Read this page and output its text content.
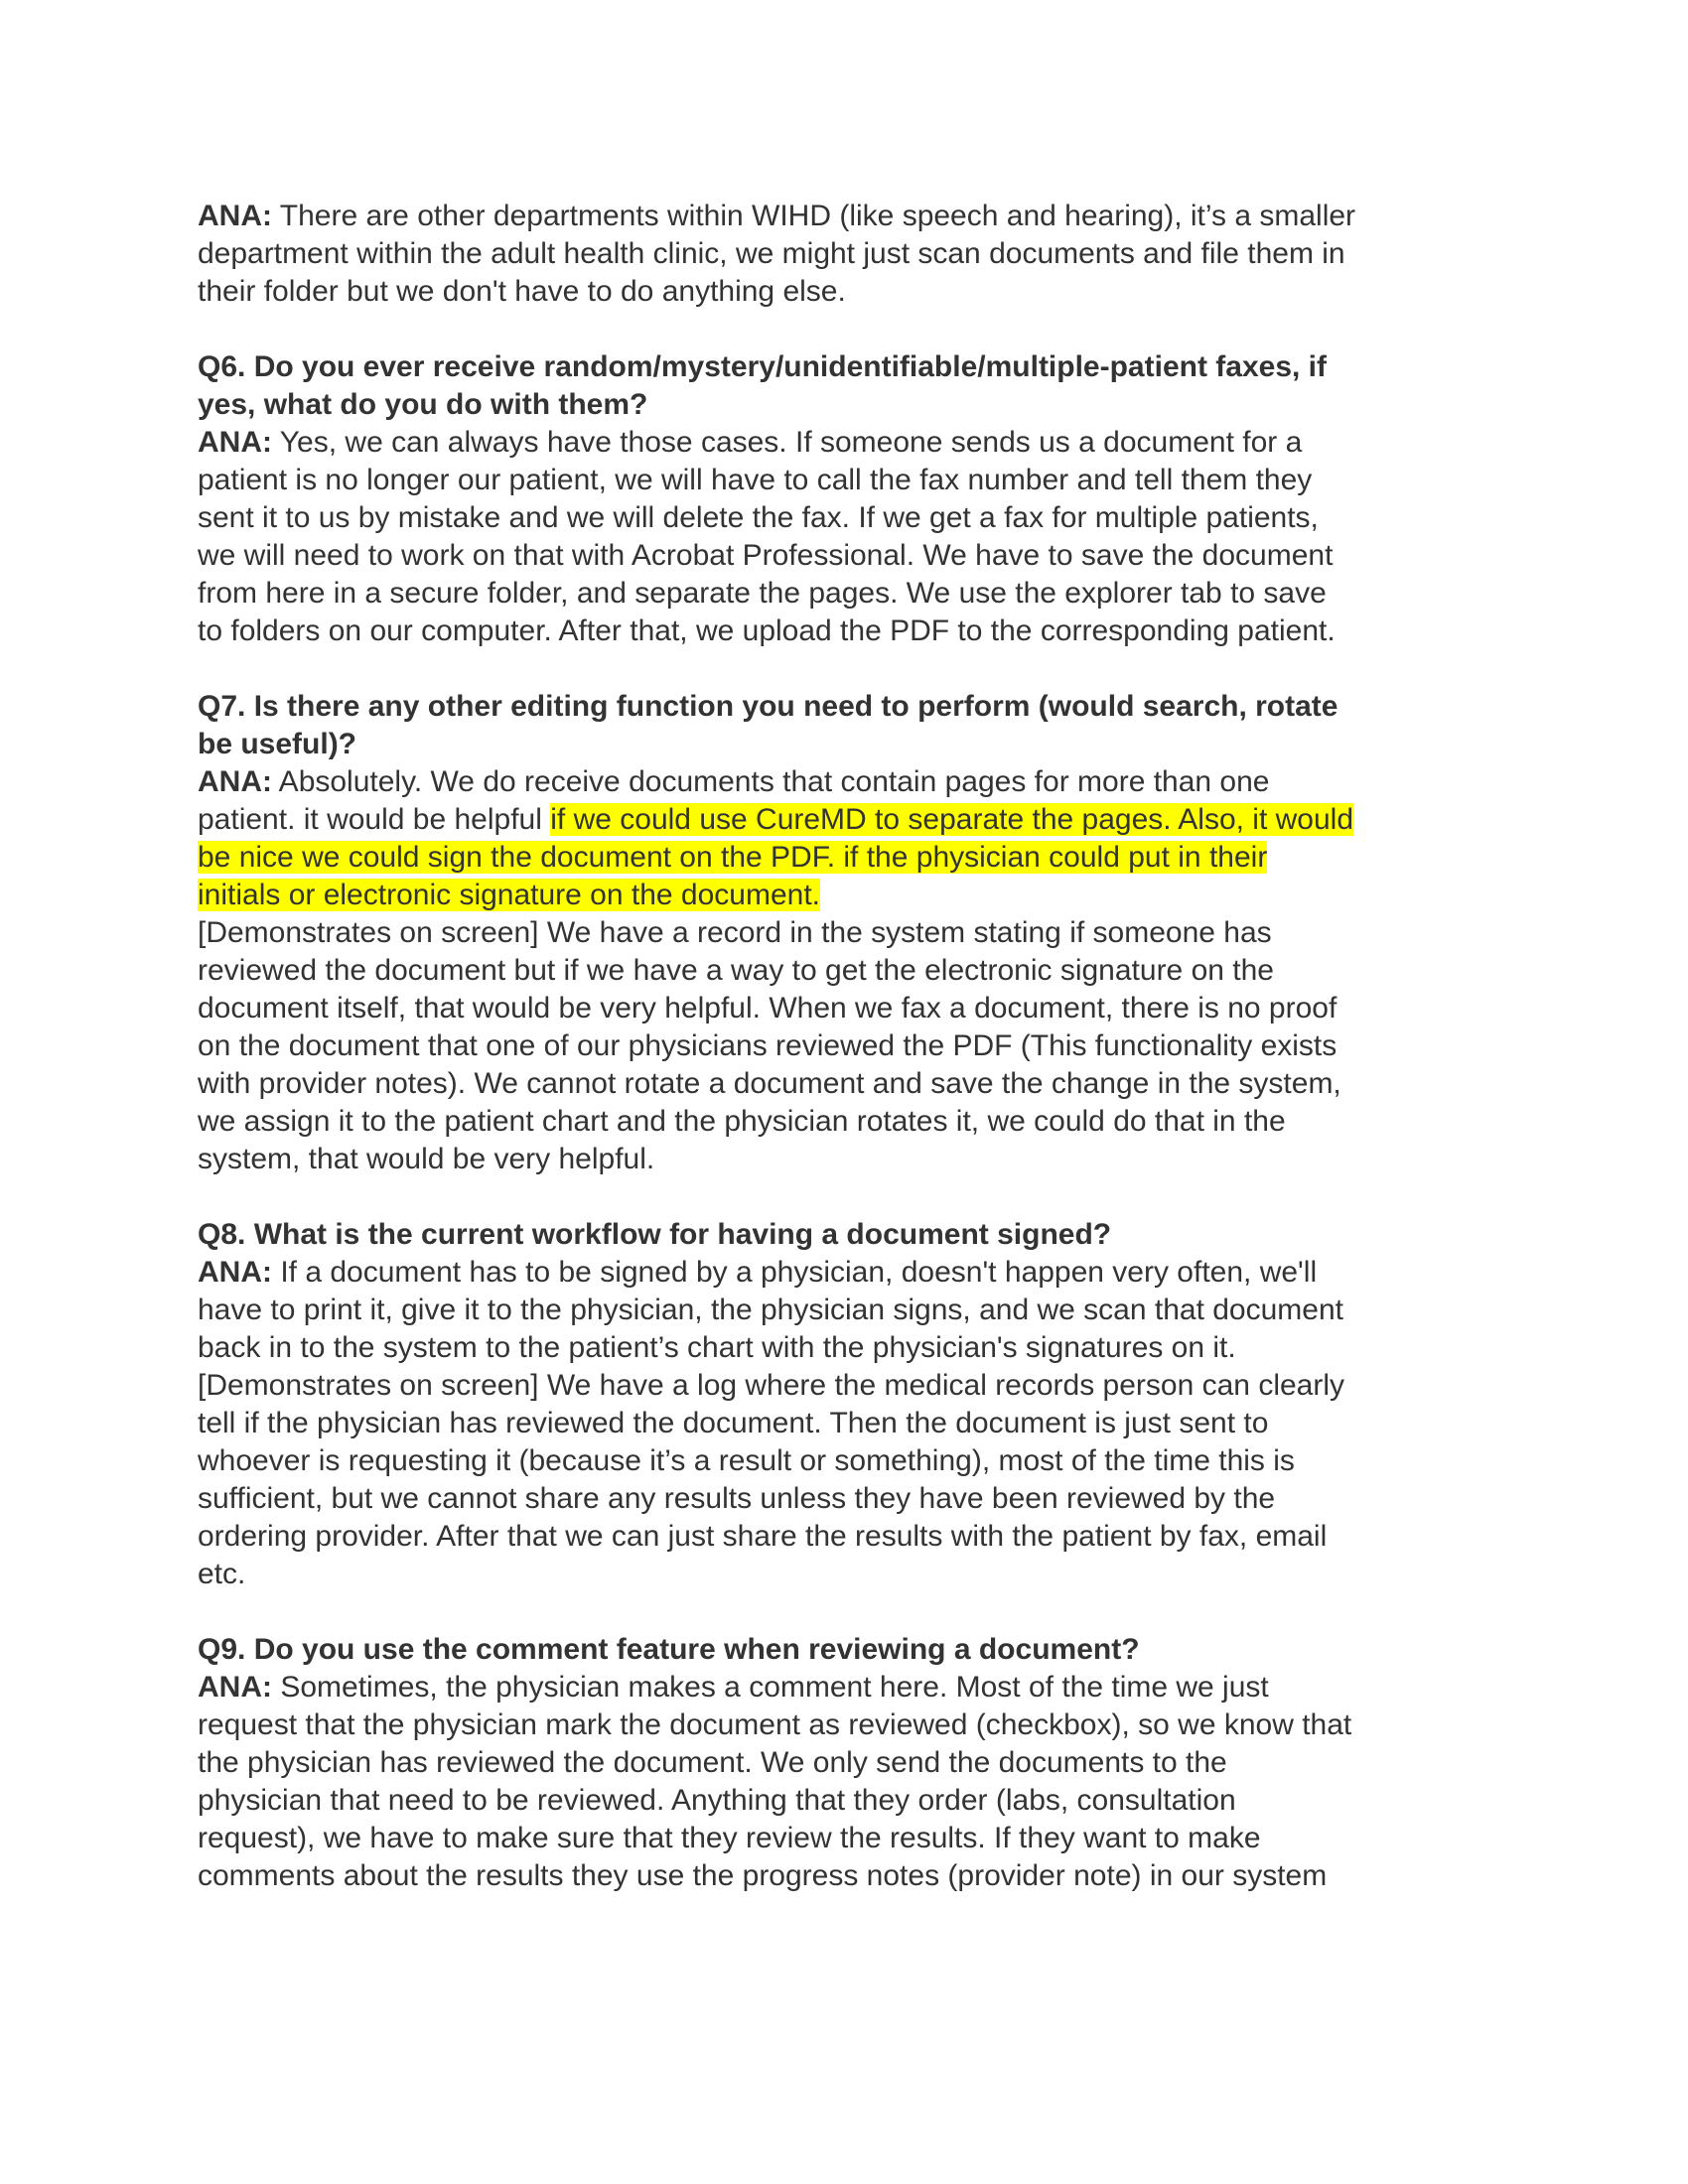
ANA: There are other departments within WIHD (like speech and hearing), it’s a smaller
department within the adult health clinic, we might just scan documents and file them in
their folder but we don't have to do anything else.
Q6. Do you ever receive random/mystery/unidentifiable/multiple-patient faxes, if
yes, what do you do with them?
ANA: Yes, we can always have those cases. If someone sends us a document for a
patient is no longer our patient, we will have to call the fax number and tell them they
sent it to us by mistake and we will delete the fax. If we get a fax for multiple patients,
we will need to work on that with Acrobat Professional. We have to save the document
from here in a secure folder, and separate the pages. We use the explorer tab to save
to folders on our computer. After that, we upload the PDF to the corresponding patient.
Q7. Is there any other editing function you need to perform (would search, rotate
be useful)?
ANA: Absolutely. We do receive documents that contain pages for more than one
patient. it would be helpful if we could use CureMD to separate the pages. Also, it would
be nice we could sign the document on the PDF. if the physician could put in their
initials or electronic signature on the document.
[Demonstrates on screen] We have a record in the system stating if someone has
reviewed the document but if we have a way to get the electronic signature on the
document itself, that would be very helpful. When we fax a document, there is no proof
on the document that one of our physicians reviewed the PDF (This functionality exists
with provider notes). We cannot rotate a document and save the change in the system,
we assign it to the patient chart and the physician rotates it, we could do that in the
system, that would be very helpful.
Q8. What is the current workflow for having a document signed?
ANA: If a document has to be signed by a physician, doesn't happen very often, we'll
have to print it, give it to the physician, the physician signs, and we scan that document
back in to the system to the patient’s chart with the physician's signatures on it.
[Demonstrates on screen] We have a log where the medical records person can clearly
tell if the physician has reviewed the document. Then the document is just sent to
whoever is requesting it (because it’s a result or something), most of the time this is
sufficient, but we cannot share any results unless they have been reviewed by the
ordering provider. After that we can just share the results with the patient by fax, email
etc.
Q9. Do you use the comment feature when reviewing a document?
ANA: Sometimes, the physician makes a comment here. Most of the time we just
request that the physician mark the document as reviewed (checkbox), so we know that
the physician has reviewed the document. We only send the documents to the
physician that need to be reviewed. Anything that they order (labs, consultation
request), we have to make sure that they review the results. If they want to make
comments about the results they use the progress notes (provider note) in our system
